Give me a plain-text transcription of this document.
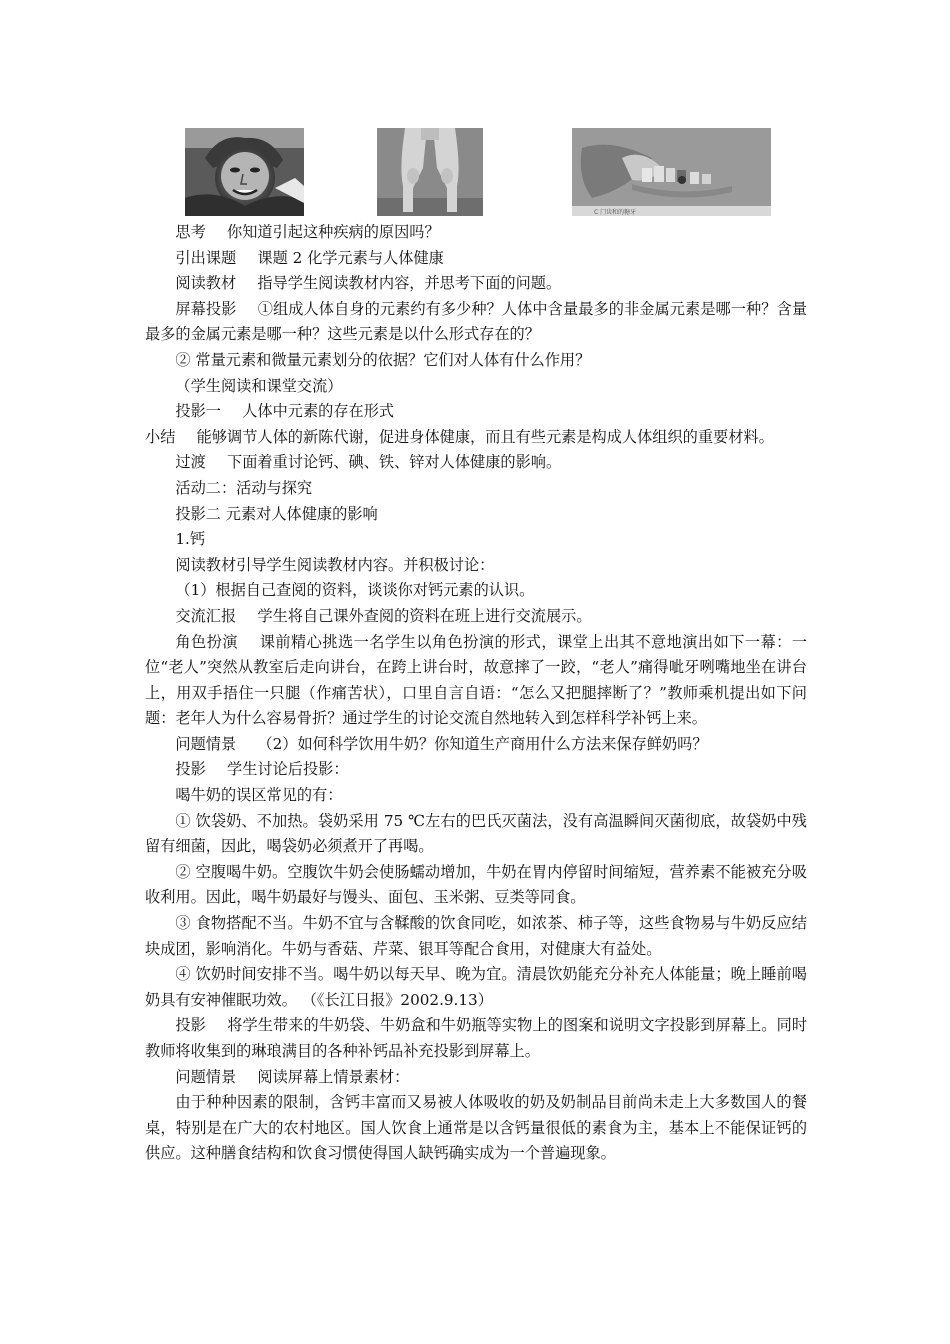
C 门齿和的糖牙

思考 你知道引起这种疾病的原因吗？

引出课题 课题 2 化学元素与人体健康

阅读教材 指导学生阅读教材内容，并思考下面的问题。

屏幕投影 ①组成人体自身的元素约有多少种？人体中含量最多的非金属元素是哪一种？含量最多的金属元素是哪一种？这些元素是以什么形式存在的？

② 常量元素和微量元素划分的依据？它们对人体有什么作用？

（学生阅读和课堂交流）

投影一 人体中元素的存在形式

小结 能够调节人体的新陈代谢，促进身体健康，而且有些元素是构成人体组织的重要材料。

过渡 下面着重讨论钙、碘、铁、锌对人体健康的影响。

活动二：活动与探究

投影二 元素对人体健康的影响

1.钙

阅读教材引导学生阅读教材内容。并积极讨论：

（1）根据自己查阅的资料，谈谈你对钙元素的认识。

交流汇报 学生将自己课外查阅的资料在班上进行交流展示。

角色扮演 课前精心挑选一名学生以角色扮演的形式，课堂上出其不意地演出如下一幕：一位“老人”突然从教室后走向讲台，在跨上讲台时，故意摔了一跤，“老人”痛得呲牙咧嘴地坐在讲台上，用双手捂住一只腿（作痛苦状），口里自言自语：“怎么又把腿摔断了？”教师乘机提出如下问题：老年人为什么容易骨折？通过学生的讨论交流自然地转入到怎样科学补钙上来。

问题情景 （2）如何科学饮用牛奶？你知道生产商用什么方法来保存鲜奶吗？

投影 学生讨论后投影：

喝牛奶的误区常见的有：

① 饮袋奶、不加热。袋奶采用 75 ℃左右的巴氏灭菌法，没有高温瞬间灭菌彻底，故袋奶中残留有细菌，因此，喝袋奶必须煮开了再喝。

② 空腹喝牛奶。空腹饮牛奶会使肠蠕动增加，牛奶在胃内停留时间缩短，营养素不能被充分吸收利用。因此，喝牛奶最好与馒头、面包、玉米粥、豆类等同食。

③ 食物搭配不当。牛奶不宜与含鞣酸的饮食同吃，如浓茶、柿子等，这些食物易与牛奶反应结块成团，影响消化。牛奶与香菇、芹菜、银耳等配合食用，对健康大有益处。

④ 饮奶时间安排不当。喝牛奶以每天早、晚为宜。清晨饮奶能充分补充人体能量；晚上睡前喝奶具有安神催眠功效。 （《长江日报》2002.9.13）

投影 将学生带来的牛奶袋、牛奶盒和牛奶瓶等实物上的图案和说明文字投影到屏幕上。同时教师将收集到的琳琅满目的各种补钙品补充投影到屏幕上。

问题情景 阅读屏幕上情景素材：

由于种种因素的限制，含钙丰富而又易被人体吸收的奶及奶制品目前尚未走上大多数国人的餐桌，特别是在广大的农村地区。国人饮食上通常是以含钙量很低的素食为主，基本上不能保证钙的供应。这种膳食结构和饮食习惯使得国人缺钙确实成为一个普遍现象。
